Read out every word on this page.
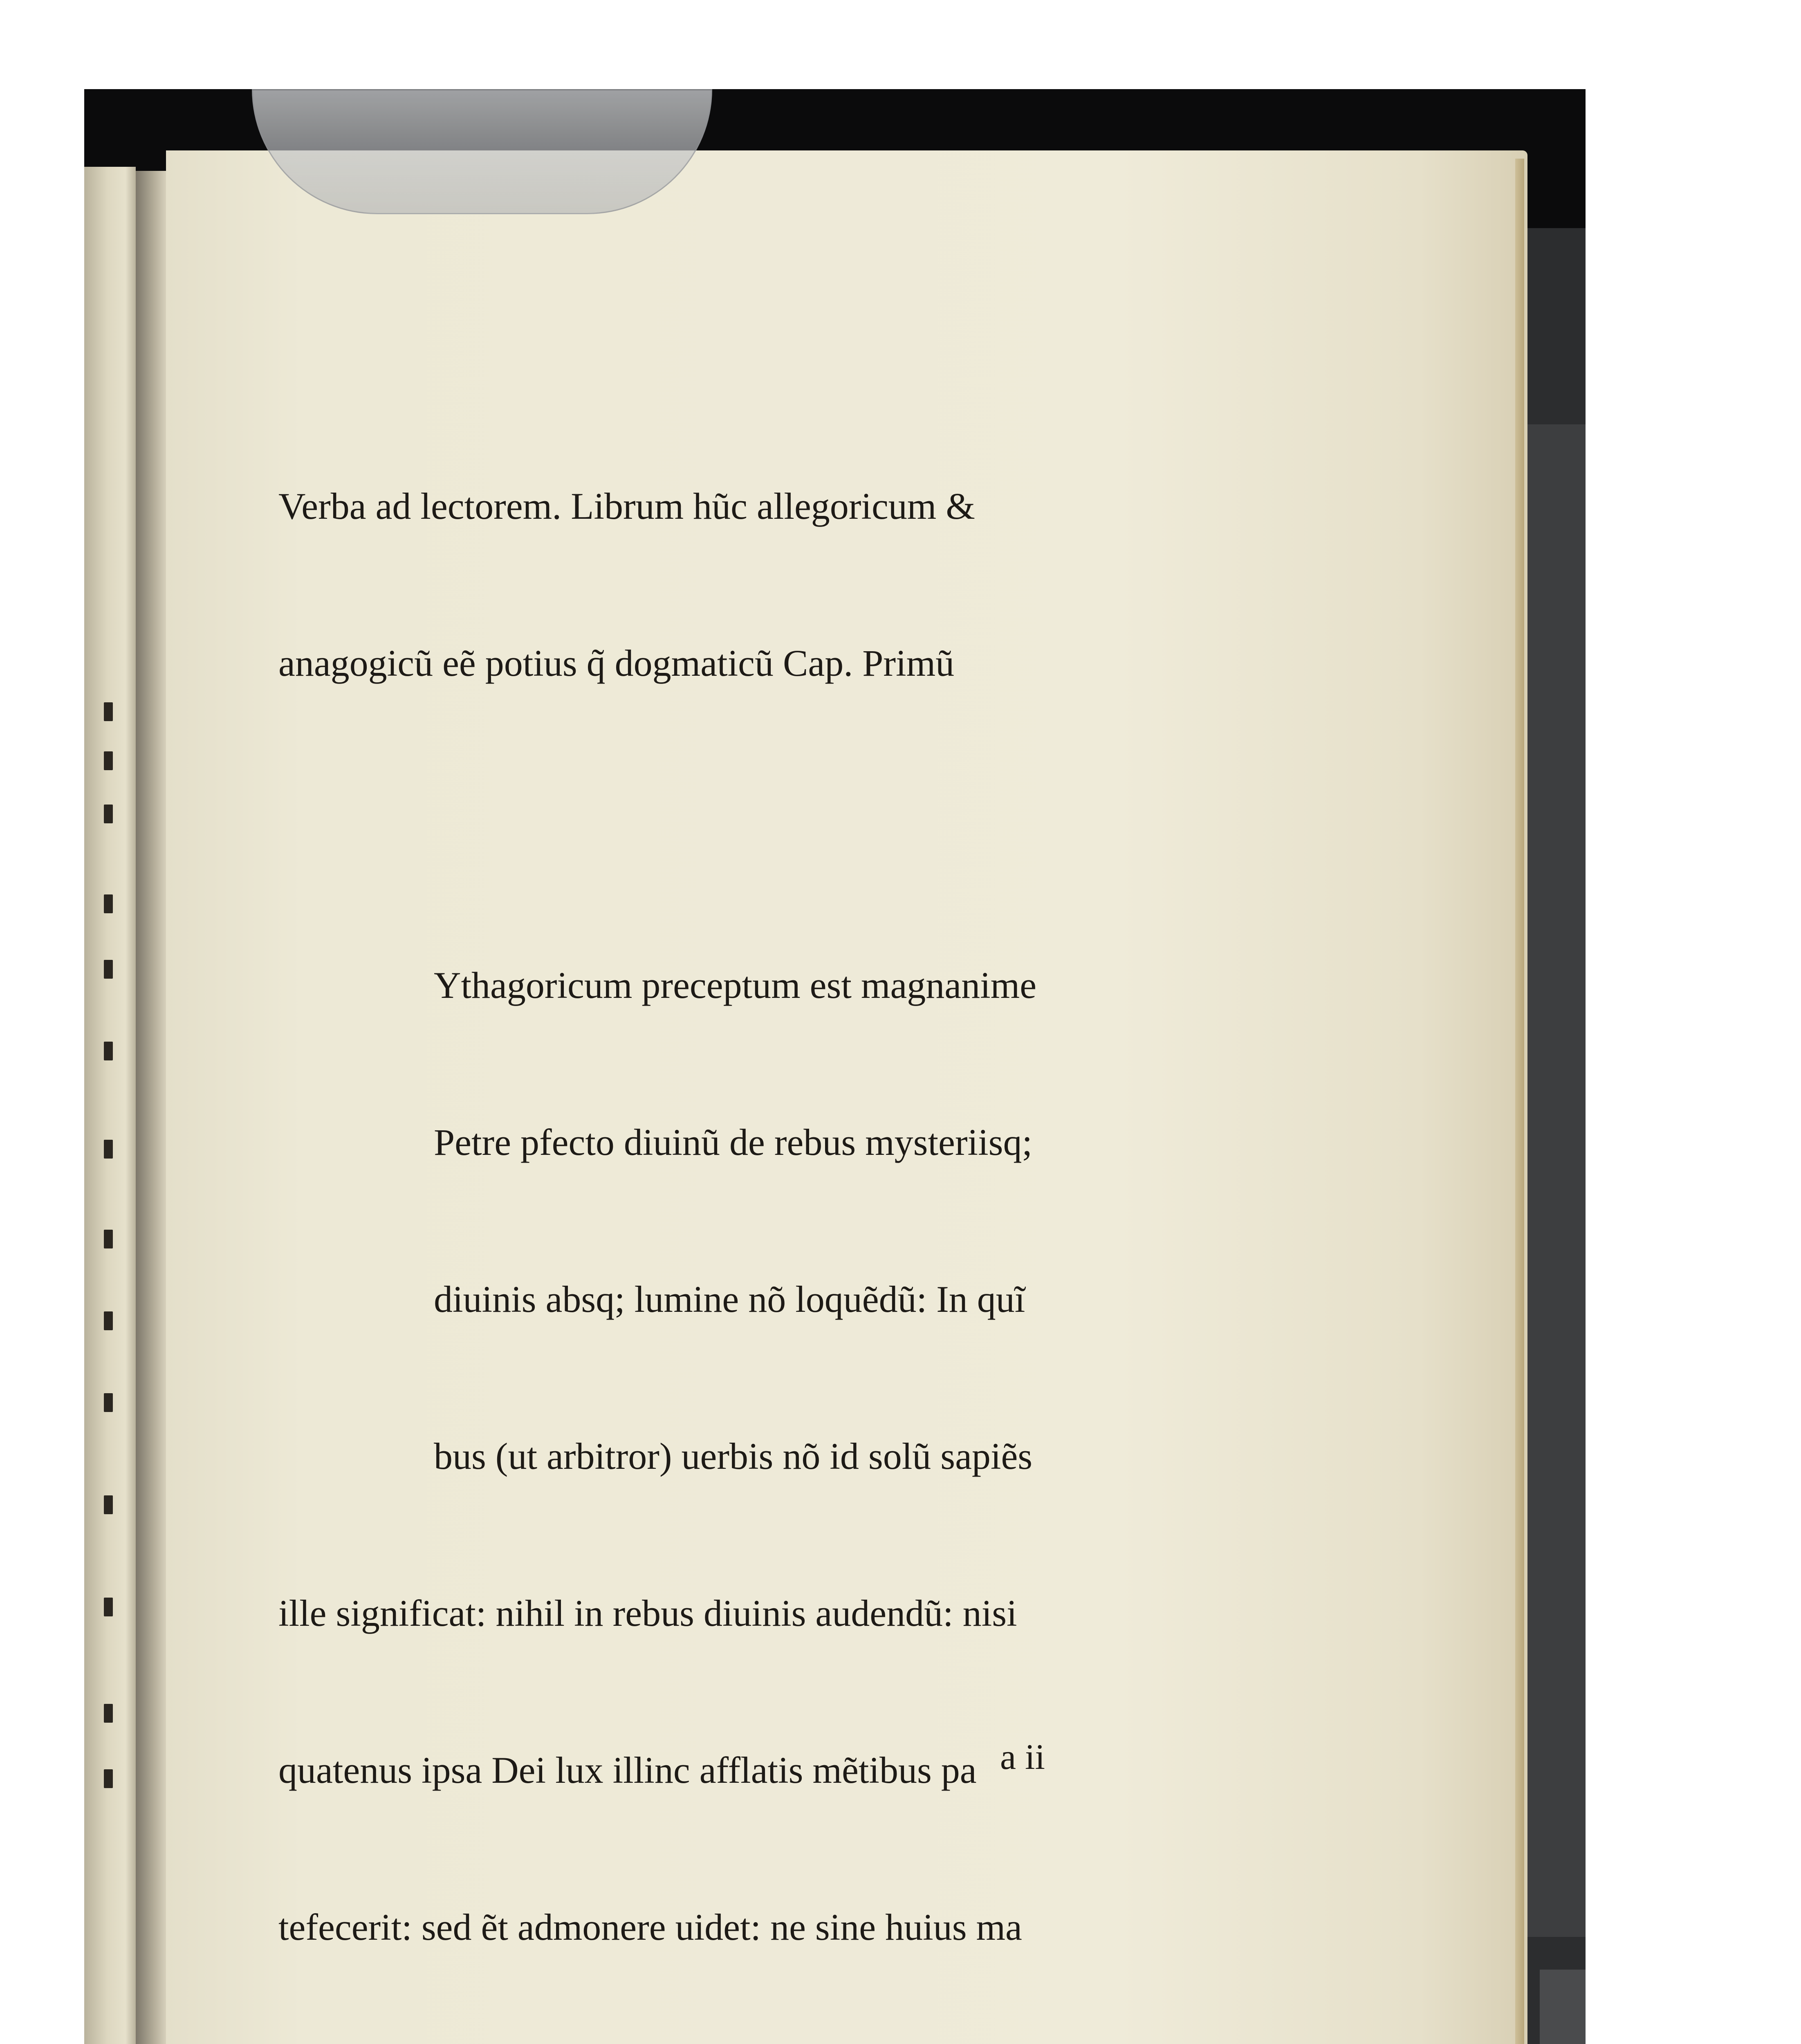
Verba ad lectorem. Librum hũc allegoricum &

anagogicũ eẽ potius q̃ dogmaticũ Cap. Primũ

Ythagoricum preceptum est magnanime

Petre pfecto diuinũ de rebus mysteriisq;

diuinis absq; lumine nõ loquẽdũ: In quĩ

bus (ut arbitror) uerbis nõ id solũ sapiẽs

ille significat: nihil in rebus diuinis audendũ: nisi

quatenus ipsa Dei lux illinc afflatis mẽtibus pa

tefecerit: sed ẽt admonere uidet: ne sine huius ma

a ii
